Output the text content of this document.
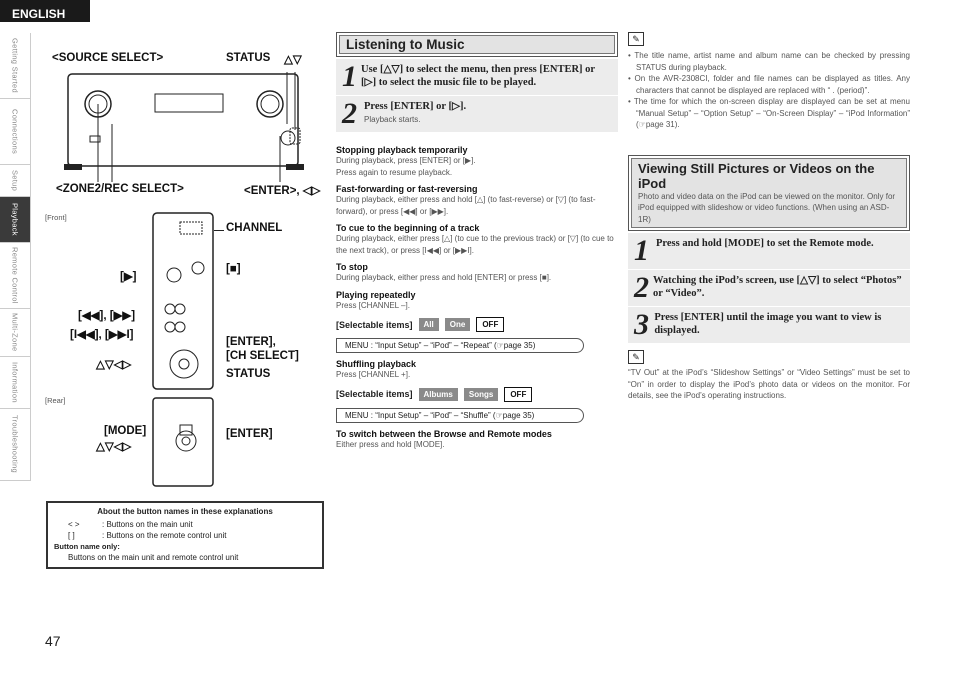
ENGLISH
Getting Started
Connections
Setup
Playback
Remote Control
Multi-Zone
Information
Troubleshooting
<SOURCE SELECT>	STATUS △▽
<ZONE2/REC SELECT>	<ENTER>, ◁▷
[Front]
[Rear]
CHANNEL
[▶]
[■]
[◀◀], [▶▶]
[I◀◀], [▶▶I]
[ENTER],
[CH SELECT]
△▽◁▷
STATUS
[MODE]
△▽◁▷
[ENTER]
About the button names in these explanations
< >	: Buttons on the main unit
[ ]	: Buttons on the remote control unit
Button name only:
Buttons on the main unit and remote control unit
47
Listening to Music
1 Use [△▽] to select the menu, then press [ENTER] or [▷] to select the music file to be played.
2 Press [ENTER] or [▷].
Playback starts.
Stopping playback temporarily
During playback, press [ENTER] or [▶].
Press again to resume playback.
Fast-forwarding or fast-reversing
During playback, either press and hold [△] (to fast-reverse) or [▽] (to fast-forward), or press [◀◀] or [▶▶].
To cue to the beginning of a track
During playback, either press [△] (to cue to the previous track) or [▽] (to cue to the next track), or press [I◀◀] or [▶▶I].
To stop
During playback, either press and hold [ENTER] or press [■].
Playing repeatedly
Press [CHANNEL –].
[Selectable items]	All	One	OFF
MENU : “Input Setup” – “iPod” – “Repeat” (☞page 35)
Shuffling playback
Press [CHANNEL +].
[Selectable items]	Albums	Songs	OFF
MENU : “Input Setup” – “iPod” – “Shuffle” (☞page 35)
To switch between the Browse and Remote modes
Either press and hold [MODE].
✎
• The title name, artist name and album name can be checked by pressing STATUS during playback.
• On the AVR-2308CI, folder and file names can be displayed as titles. Any characters that cannot be displayed are replaced with “ . (period)”.
• The time for which the on-screen display are displayed can be set at menu “Manual Setup” – “Option Setup” – “On-Screen Display” – “iPod Information” (☞page 31).
Viewing Still Pictures or Videos on the iPod
Photo and video data on the iPod can be viewed on the monitor. Only for iPod equipped with slideshow or video functions. (When using an ASD-1R)
1 Press and hold [MODE] to set the Remote mode.
2 Watching the iPod’s screen, use [△▽] to select “Photos” or “Video”.
3 Press [ENTER] until the image you want to view is displayed.
✎
“TV Out” at the iPod’s “Slideshow Settings” or “Video Settings” must be set to “On” in order to display the iPod’s photo data or videos on the monitor. For details, see the iPod’s operating instructions.
